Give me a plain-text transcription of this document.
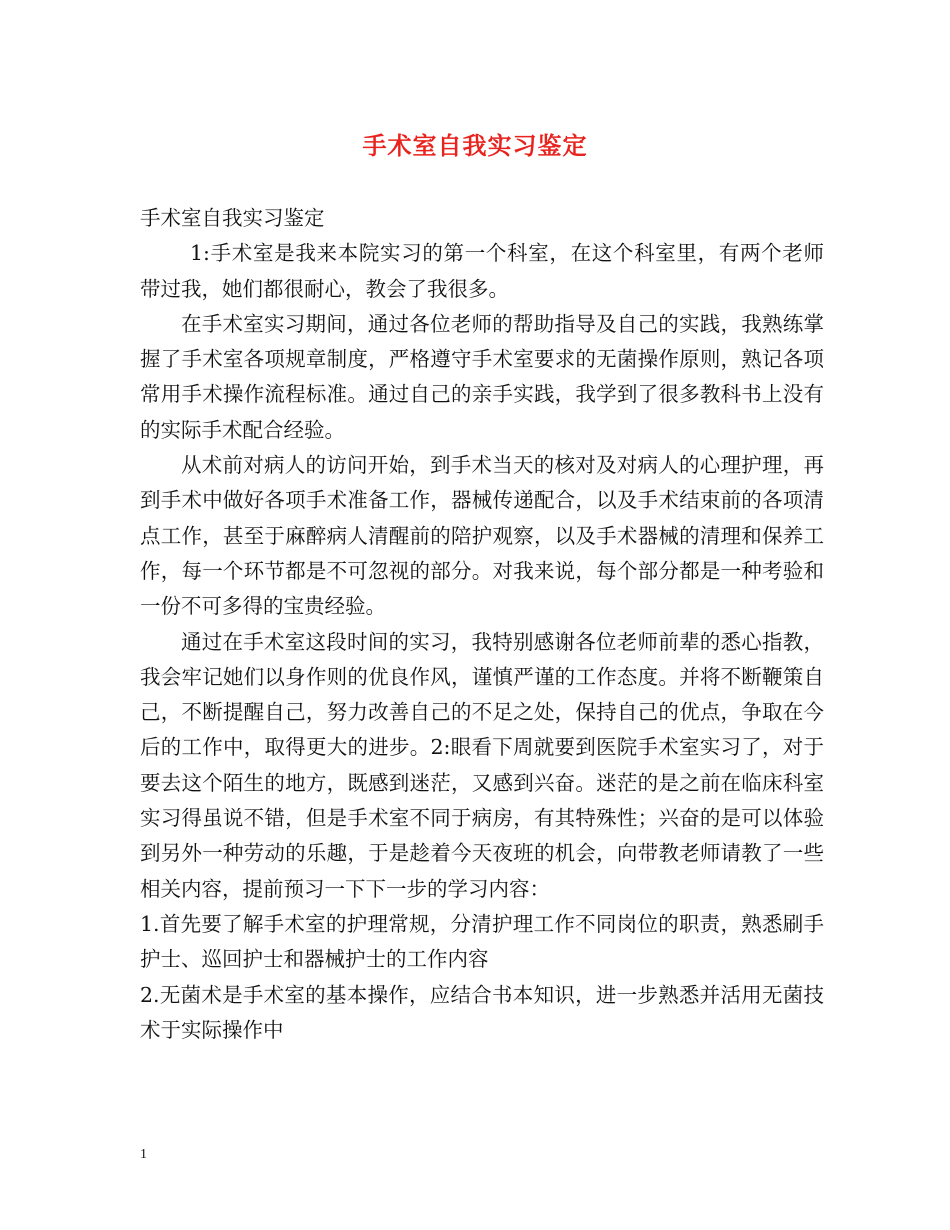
手术室自我实习鉴定

手术室自我实习鉴定

1:手术室是我来本院实习的第一个科室，在这个科室里，有两个老师带过我，她们都很耐心，教会了我很多。

在手术室实习期间，通过各位老师的帮助指导及自己的实践，我熟练掌握了手术室各项规章制度，严格遵守手术室要求的无菌操作原则，熟记各项常用手术操作流程标准。通过自己的亲手实践，我学到了很多教科书上没有的实际手术配合经验。

从术前对病人的访问开始，到手术当天的核对及对病人的心理护理，再到手术中做好各项手术准备工作，器械传递配合，以及手术结束前的各项清点工作，甚至于麻醉病人清醒前的陪护观察，以及手术器械的清理和保养工作，每一个环节都是不可忽视的部分。对我来说，每个部分都是一种考验和一份不可多得的宝贵经验。

通过在手术室这段时间的实习，我特别感谢各位老师前辈的悉心指教，我会牢记她们以身作则的优良作风，谨慎严谨的工作态度。并将不断鞭策自己，不断提醒自己，努力改善自己的不足之处，保持自己的优点，争取在今后的工作中，取得更大的进步。2:眼看下周就要到医院手术室实习了，对于要去这个陌生的地方，既感到迷茫，又感到兴奋。迷茫的是之前在临床科室实习得虽说不错，但是手术室不同于病房，有其特殊性；兴奋的是可以体验到另外一种劳动的乐趣，于是趁着今天夜班的机会，向带教老师请教了一些相关内容，提前预习一下下一步的学习内容：

1.首先要了解手术室的护理常规，分清护理工作不同岗位的职责，熟悉刷手护士、巡回护士和器械护士的工作内容

2.无菌术是手术室的基本操作，应结合书本知识，进一步熟悉并活用无菌技术于实际操作中

1
